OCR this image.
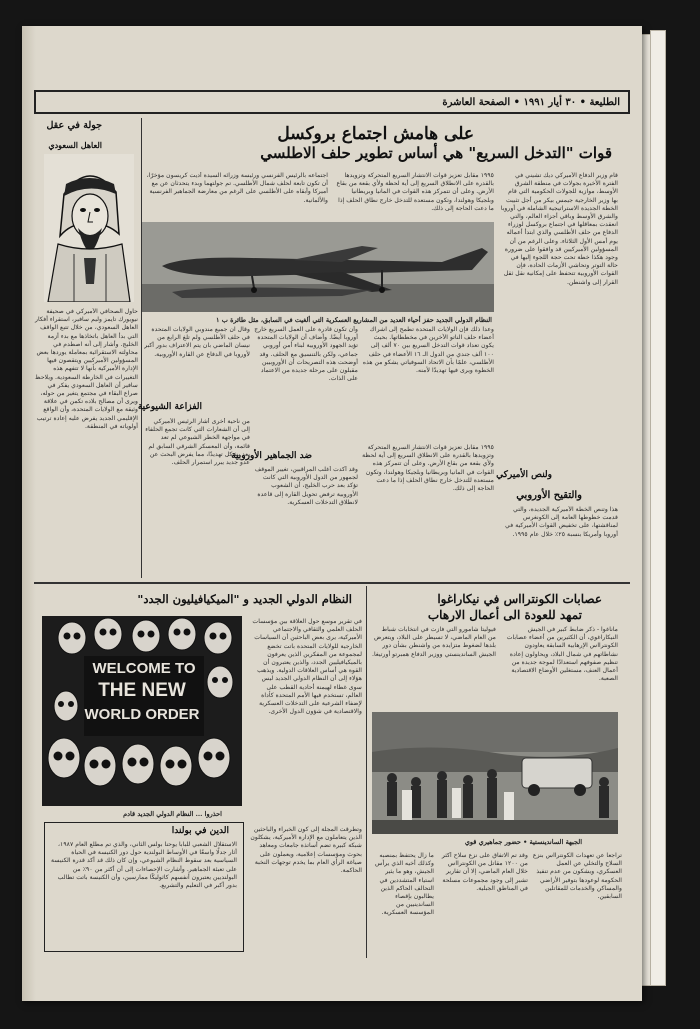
الطليعة • ٣٠ أيار ١٩٩١ • الصفحة العاشرة
جولة في عقل
العاهل السعودي
حاول الصحافي الأميركي في صحيفة نيويورك تايمز وليم سافير، استقراء أفكار العاهل السعودي، من خلال تتبع الواقف التي بدأ العاهل باتخاذها مع بدء أزمة الخليج. وأشار إلى أنه اصطدم في محاولته الاستقرائية بمعاملة يوردها بعض المسؤولين الأميركيين ويتقصون فيها الإدارة الأميركية بأنها لا تتفهم هذه التغييرات في الخارطة السعودية. ويلاحظ سافير أن العاهل السعودي يفكر في صراع البقاء في مجتمع يتغير من حوله، ويرى أن مصالح بلاده تكمن في علاقة وثيقة مع الولايات المتحدة، وأن الواقع الإقليمي الجديد يفرض عليه إعادة ترتيب أولوياته في المنطقة.
على هامش اجتماع بروكسل
قوات "التدخل السريع" هي أساس تطوير حلف الاطلسي
قام وزير الدفاع الأميركي ديك تشيني في الفترة الأخيرة بجولات في منطقة الشرق الأوسط، موازية للجولات الحكومية التي قام بها وزير الخارجية جيمس بيكر من أجل تثبيت الخطة الجديدة الاستراتيجية الشاملة في أوروبا والشرق الأوسط وباقي أجزاء العالم، والتي انعقدت بمعاقلها في اجتماع بروكسل لوزراء الدفاع من حلف الأطلسي والذي ابتدأ أعماله يوم أمس الأول الثلاثاء. وعلى الرغم من أن المسؤولين الأميركيين قد وافقوا على ضرورة وجود هكذا خطة تحت حجة اللجوء إليها في حالة التوتر وتحاشي الأزمات الحادة، فإن القوات الأوروبية تتحفظ على إمكانية نقل ثقل القرار إلى واشنطن.
١٩٩٥ مقابل تعزيز قوات الانتشار السريع المتحركة وتزويدها بالقدرة على الانطلاق السريع إلى أية لحظة ولأي بقعة من بقاع الأرض. وعلى أن تتمركز هذه القوات في المانيا وبريطانيا وبلجيكا وهولندا، وتكون مستعدة للتدخل خارج نطاق الحلف إذا ما دعت الحاجة إلى ذلك.
اجتماعه بالرئيس الفرنسي ورئيسة وزرائه السيدة أديت كريسون مؤخرًا، أن تكون تابعة لحلف شمال الأطلسي. تم جولتهما وبدء يتحدثان عن مع أميركا وأبقاه على الأطلسي على الرغم من معارضة الجماهير الفرنسية والألمانية.
النظام الدولي الجديد حفز أحياء العديد من المشاريع العسكرية التي ألغيت في السابق، مثل طائرة ب ١
وعدا ذلك فإن الولايات المتحدة تطمح إلى اشراك أعضاء حلف الناتو الآخرين في مخططاتها. بحيث يكون تعداد قوات التدخل السريع بين ٧٠ ألف إلى ١٠٠ ألف جندي من الدول الـ ١٦ الأعضاء في حلف الأطلسي، علمًا بأن الاتحاد السوفياتي يشكو من هذه الخطوة ويرى فيها تهديدًا لأمنه.
وأن تكون قادرة على العمل السريع خارج أوروبا أيضًا. وأضاف أن الولايات المتحدة تؤيد الجهود الأوروبية لبناء أمن أوروبي جماعي، ولكن بالتنسيق مع الحلف. وقد أوضحت هذه التصريحات أن الأوروبيين مقبلون على مرحلة جديدة من الاعتماد على الذات.
وقال ان جميع مندوبي الولايات المتحدة في حلف الأطلسي ولم تلغ الرابع من نيسان الماضي بان يتم الاعتراف بدور أكبر لأوروبا في الدفاع عن القارة الأوروبية.
الفزاعة الشيوعية
من ناحية أخرى أشار الرئيس الأميركي إلى أن الشعارات التي كانت تجمع الحلفاء في مواجهة الخطر الشيوعي لم تعد قائمة، وأن المعسكر الشرقي السابق لم يعد يشكل تهديدًا، مما يفرض البحث عن عدو جديد يبرر استمرار الحلف.
ضد الجماهير الأوروبية
وقد أكدت أغلب المراقبين، تغيير الموقف لجمهور من الدول الأوروبية التي كانت تؤكد بعد حرب الخليج، أن الشعوب الأوروبية ترفض تحويل القارة إلى قاعدة لانطلاق التدخلات العسكرية.
١٩٩٥ مقابل تعزيز قوات الانتشار السريع المتحركة وتزويدها بالقدرة على الانطلاق السريع إلى أية لحظة ولأي بقعة من بقاع الأرض. وعلى أن تتمركز هذه القوات في المانيا وبريطانيا وبلجيكا وهولندا، وتكون مستعدة للتدخل خارج نطاق الحلف إذا ما دعت الحاجة إلى ذلك.
ولنص الأميركي
والتقيح الأوروبي
هذا وتنص الخطة الأميركية الجديدة، والتي قدمت خطوطها العامة إلى الكونغرس لمناقشتها، على تخفيض القوات الأميركية في أوروبا وأمريكا بنسبة ٢٥٪ خلال عام ١٩٩٥.
النظام الدولي الجديد و "الميكيافيليون الجدد"
WELCOME TO
THE NEW
WORLD ORDER
احذروا ... النظام الدولي الجديد قادم
في تقرير موسع حول العلاقة بين مؤسسات الحلف العلمي والثقافي والاجتماعي الأميركية، يرى بعض الباحثين أن السياسات الخارجية للولايات المتحدة باتت تخضع لمجموعة من المفكرين الذين يعرفون بالميكيافيليين الجدد، والذين يعتبرون أن القوة هي أساس العلاقات الدولية. ويذهب هؤلاء إلى أن النظام الدولي الجديد ليس سوى غطاء لهيمنة أحادية القطب على العالم، تستخدم فيها الأمم المتحدة كأداة لإضفاء الشرعية على التدخلات العسكرية والاقتصادية في شؤون الدول الأخرى.
وتطرقت المجلة إلى كون الخبراء والباحثين الذين يتعاملون مع الإدارة الأميركية، يشكلون شبكة كبيرة تضم أساتذة جامعات ومعاهد بحوث ومؤسسات إعلامية، ويعملون على صياغة الرأي العام بما يخدم توجهات النخبة الحاكمة.
الدين في بولندا
الاستقلال الشعبي للبابا يوحنا بولس الثاني، والذي تم مطلع العام ١٩٨٧، أثار جدلًا واسعًا في الأوساط البولندية حول دور الكنيسة في الحياة السياسية بعد سقوط النظام الشيوعي، وإن كان ذلك قد أكد قدرة الكنيسة على تعبئة الجماهير. وأشارت الإحصاءات إلى أن أكثر من ٩٠٪ من البولنديين يعتبرون أنفسهم كاثوليكًا ممارسين، وأن الكنيسة باتت تطالب بدور أكبر في التعليم والتشريع.
عصابات الكونترااس في نيكاراغوا
تمهد للعودة الى أعمال الارهاب
ماناغوا - ذكر ضابط كبير في الجيش النيكاراغوي، أن الكثيرين من أعضاء عصابات الكونترااس الإرهابية السابقة يعاودون نشاطاتهم في شمال البلاد، ويحاولون إعادة تنظيم صفوفهم استعدادًا لموجة جديدة من أعمال العنف، مستغلين الأوضاع الاقتصادية الصعبة.
فيوليتا شامورو التي فازت في انتخابات شباط من العام الماضي، لا تسيطر على البلاد، ويتعرض بلدها لضغوط متزايدة من واشنطن بشأن دور الجيش الساندينستي ووزير الدفاع همبرتو أورتيغا.
الجبهة الساندينستية • حضور جماهيري قوي
تراجعا عن تعهدات الكونترااس بنزع السلاح والتخلي عن العمل العسكري، ويشكون من عدم تنفيذ الحكومة لوعودها بتوفير الأراضي والمساكن والخدمات للمقاتلين السابقين.
وقد تم الاتفاق على نزع سلاح أكثر من ١٢٠٠ مقاتل من الكونترااس خلال العام الماضي، إلا أن تقارير تشير إلى وجود مجموعات مسلحة في المناطق الجبلية.
ما زال يحتفظ بمنصبه وكذلك أخيه الذي يرأس الجيش، وهو ما يثير استياء المتشددين في التحالف الحاكم الذين يطالبون بإقصاء الساندينيين من المؤسسة العسكرية.
